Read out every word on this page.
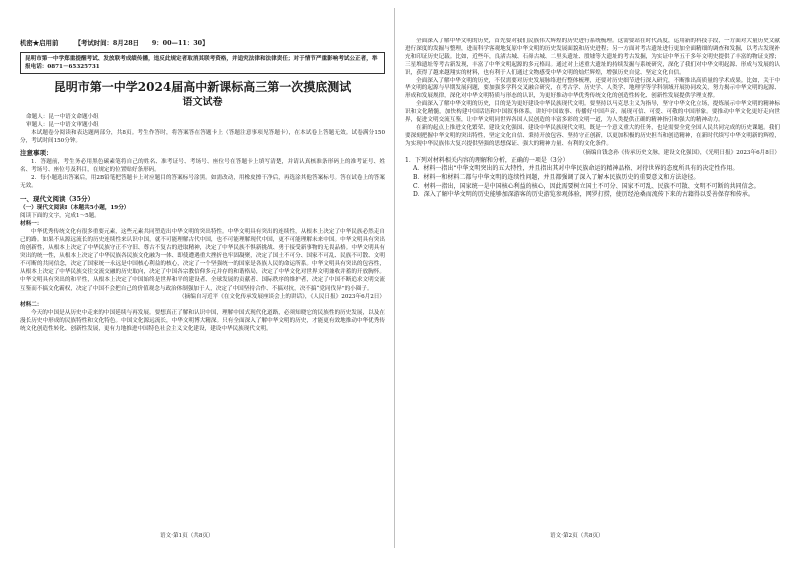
机密★启用前	【考试时间：8月28日　　9：00—11：30】
昆明市第一中学郑重提醒考试、发放联考成绩传播，违反此规定者取消其联考资格，并追究法律和法律责任；对于情节严重影响考试公正者，举报电话：0871－65325731
昆明市第一中学2024届高中新课标高三第一次摸底测试
语文试卷
命题人：昆一中语文命题小组
审题人：昆一中语文审题小组

本试题卷分阅读和表达题两部分，共8页。考生作答时，将答案答在答题卡上（答题注意事项见答题卡），在本试卷上答题无效。试卷满分150分，考试时间150分钟。

注意事项：

1．答题前，考生务必用黑色碳素笔将自己的姓名、准考证号、考场号、座位号在答题卡上填写清楚，并请认真核准条形码上的准考证号、姓名、考场号、座位号及科目，在规定的位置贴好条形码。

2．每小题选出答案后，用2B铅笔把答题卡上对应题目的答案标号涂黑。如需改动，用橡皮擦干净后，再选涂其他答案标号。答在试卷上的答案无效。

一、现代文阅读（35分）

（一）现代文阅读Ⅰ（本题共5小题，19分）

阅读下面的文字，完成1～5题。

材料一：

中华优秀传统文化有很多重要元素，这些元素共同塑造出中华文明的突出特性。中华文明具有突出的连续性，从根本上决定了中华民族必然走自己的路。如果不从源远流长的历史连续性来认识中国，就不可能理解古代中国，也不可能理解现代中国，更不可能理解未来中国。中华文明具有突出的创新性，从根本上决定了中华民族守正不守旧、尊古不复古的进取精神，决定了中华民族不惧新挑战、勇于接受新事物的无畏品格。中华文明具有突出的统一性，从根本上决定了中华民族各民族文化融为一体、即使遭遇重大挫折也牢固凝聚，决定了国土不可分、国家不可乱、民族不可散、文明不可断的共同信念，决定了国家统一永远是中国核心利益的核心，决定了一个坚强统一的国家是各族人民的命运所系。中华文明具有突出的包容性，从根本上决定了中华民族交往交流交融的历史取向，决定了中国各宗教信仰多元并存的和谐格局，决定了中华文化对世界文明兼收并蓄的开放胸怀。中华文明具有突出的和平性，从根本上决定了中国始终是世界和平的建设者、全球发展的贡献者、国际秩序的维护者，决定了中国不断追求文明交流互鉴而不搞文化霸权，决定了中国不会把自己的价值观念与政治体制强加于人，决定了中国坚持合作、不搞对抗，决不搞“党同伐异”的小圈子。

（摘编自习近平《在文化传承发展座谈会上的讲话》，《人民日报》2023年6月2日）

材料二：

今天的中国是从历史中走来的中国延续与再发展。要想真正了解和认识中国，理解中国式现代化道路，必须知晓它的民族性的历史发展，以及在漫长历史中形成的民族特性和文化特色。中国文化源远流长，中华文明博大精深。只有全面深入了解中华文明的历史，才能更有效地推动中华优秀传统文化创造性转化、创新性发展，更有力地推进中国特色社会主义文化建设，建设中华民族现代文明。

全面深入了解中华文明的历史，首先要对我们民族伟大辉煌的历史进行系统梳理。这需要站在时代高度，运用新的科技手段，一方面对大量历史文献进行深度的发掘与整理，进而科学客观地复原中华文明的历史发展面貌和历史进程；另一方面对考古遗址进行更加全面精细的调查和发掘，以考古发现补充和印证历史记载。比如，近些年，良渚古城、石峁古城、二里头遗址、殷墟等大遗址的考古发掘，为实证中华五千多年文明史提供了丰富的物证支撑；三星堆遗址等考古新发现，丰富了中华文明起源的多元格局。通过对上述重大遗址的持续发掘与系统研究，深化了我们对中华文明起源、形成与发展的认识，获得了越来越翔实的材料，也有利于人们通过文物感受中华文明的灿烂辉煌，增强历史自觉、坚定文化自信。

全面深入了解中华文明的历史，不仅需要对历史发展脉络进行整体梳理，还要对历史细节进行深入研究，不断推出高质量的学术成果。比如，关于中华文明的起源与早期发展问题，要加强多学科交叉融合研究，在考古学、历史学、人类学、地理学等学科领域开展协同攻关，努力揭示中华文明的起源、形成和发展规律，深化对中华文明特质与形态的认识，为更好推动中华优秀传统文化的创造性转化、创新性发展提供学理支撑。

全面深入了解中华文明的历史，目的是为更好建设中华民族现代文明。要坚持以马克思主义为指导，坚守中华文化立场，提炼展示中华文明的精神标识和文化精髓，加快构建中国话语和中国叙事体系，讲好中国故事、传播好中国声音，展现可信、可爱、可敬的中国形象。要推动中华文化更好走向世界，促进文明交流互鉴，让中华文明同世界各国人民创造的丰富多彩的文明一道，为人类提供正确的精神指引和强大的精神动力。

在新的起点上推进文化繁荣、建设文化强国、建设中华民族现代文明，既是一个意义重大的任务，也是需要全党全国人民共同完成的历史课题。我们要深刻把握中华文明的突出特性，坚定文化自信、秉持开放包容、坚持守正创新，以更加积极的历史担当和创造精神，在新时代续写中华文明新的辉煌，为实现中华民族伟大复兴提供坚强的思想保证、强大的精神力量、有利的文化条件。

（摘编自钱念孙《传承历史文脉，建设文化强国》，《光明日报》2023年6月8日）

1．下列对材料相关内容的理解和分析，正确的一项是（3分）

A．材料一指出“中华文明突出的五大特性，并且指出其对中华民族命运的精神品格、对待世界的态度所具有的决定性作用。

B．材料一和材料二都与中华文明的连续性问题，并且都强调了深入了解本民族历史的重要意义和方法途径。

C．材料一指出，国家统一是中国核心利益的核心，因此需要树立国土不可分、国家不可乱、民族不可散、文明不可断的共同信念。

D．深入了解中华文明的历史能够加深游客的历史游览参观体验，网罗打捞，使历经沧桑而流传下来的古籍得以妥善保存和传承。

语文·第1页（共8页）	语文·第2页（共8页）
